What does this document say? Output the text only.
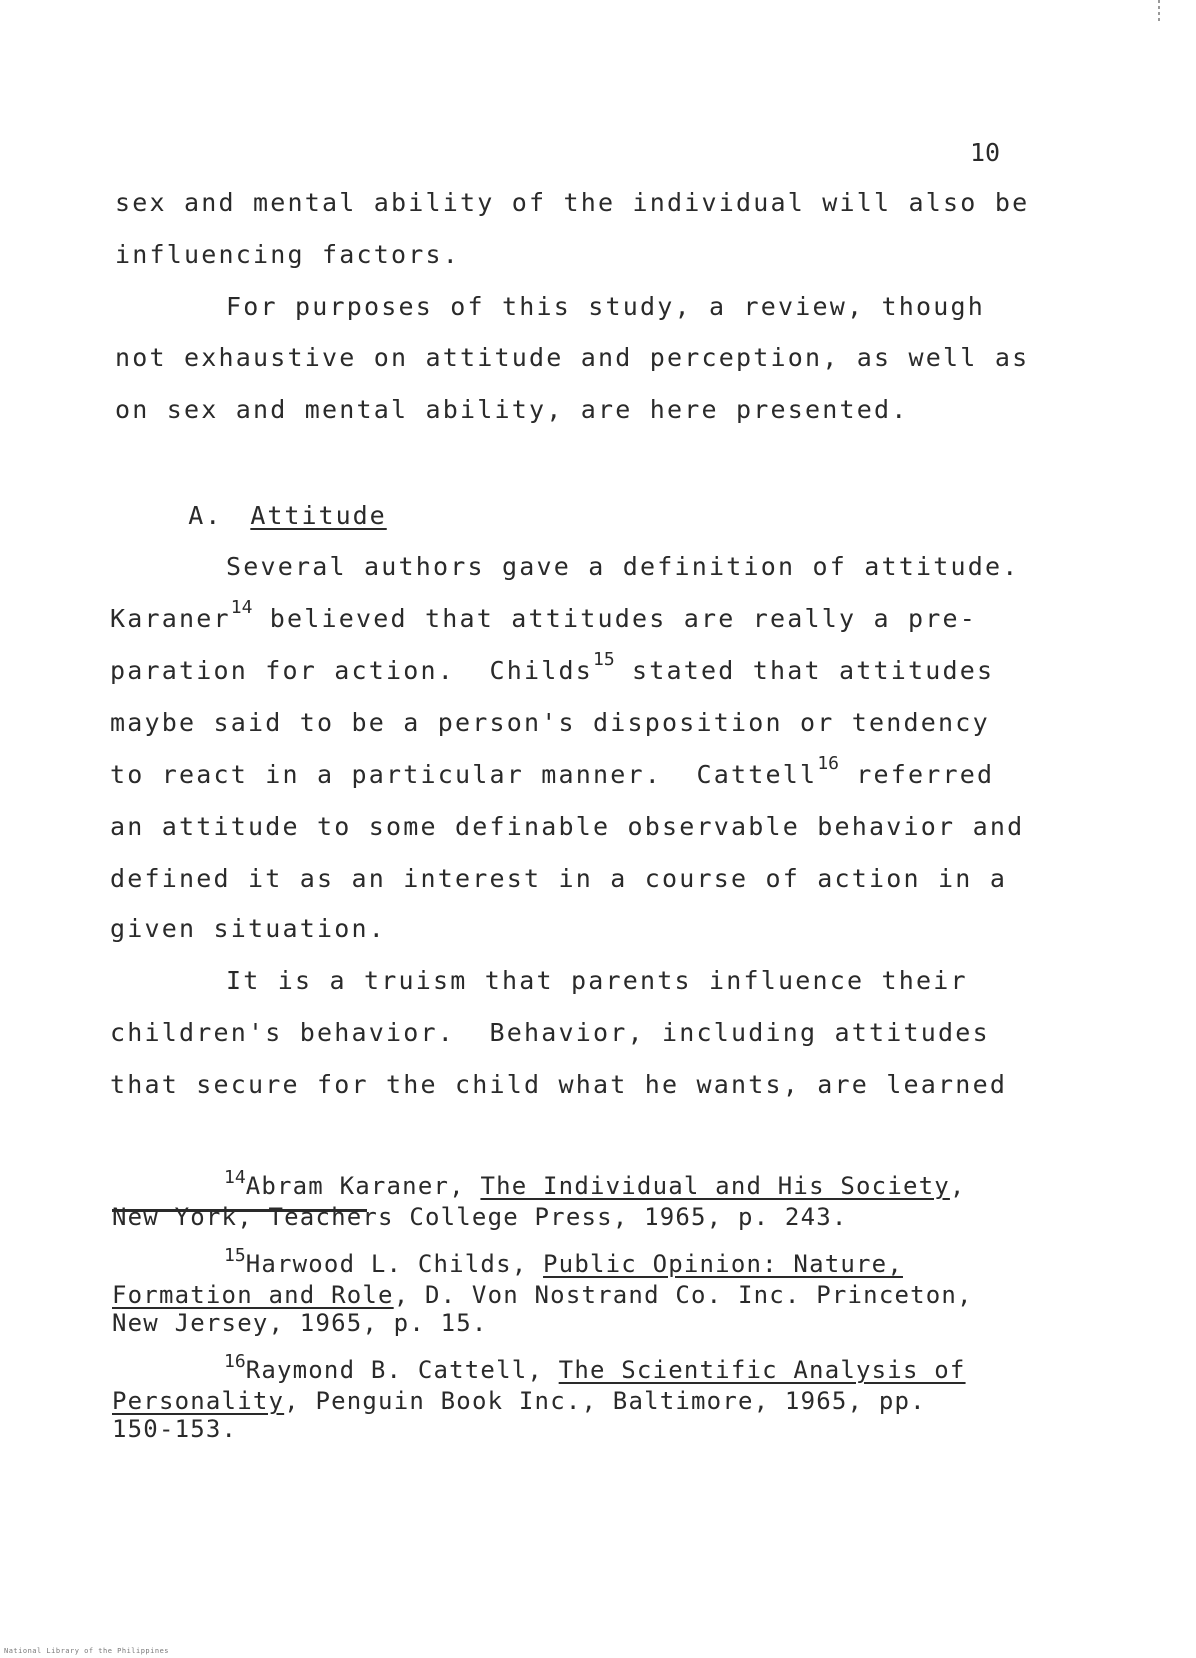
10
sex and mental ability of the individual will also be
influencing factors.
For purposes of this study, a review, though
not exhaustive on attitude and perception, as well as
on sex and mental ability, are here presented.

A. Attitude

Several authors gave a definition of attitude.
Karaner$^{14}$ believed that attitudes are really a pre-
paration for action.  Childs$^{15}$ stated that attitudes
maybe said to be a person's disposition or tendency
to react in a particular manner.  Cattell$^{16}$ referred
an attitude to some definable observable behavior and
defined it as an interest in a course of action in a
given situation.
It is a truism that parents influence their
children's behavior.  Behavior, including attitudes
that secure for the child what he wants, are learned
$^{14}$Abram Karaner, The Individual and His Society,
New York, Teachers College Press, 1965, p. 243.
$^{15}$Harwood L. Childs, Public Opinion: Nature,
Formation and Role, D. Von Nostrand Co. Inc. Princeton,
New Jersey, 1965, p. 15.
$^{16}$Raymond B. Cattell, The Scientific Analysis of
Personality, Penguin Book Inc., Baltimore, 1965, pp.
150-153.
National Library of the Philippines
